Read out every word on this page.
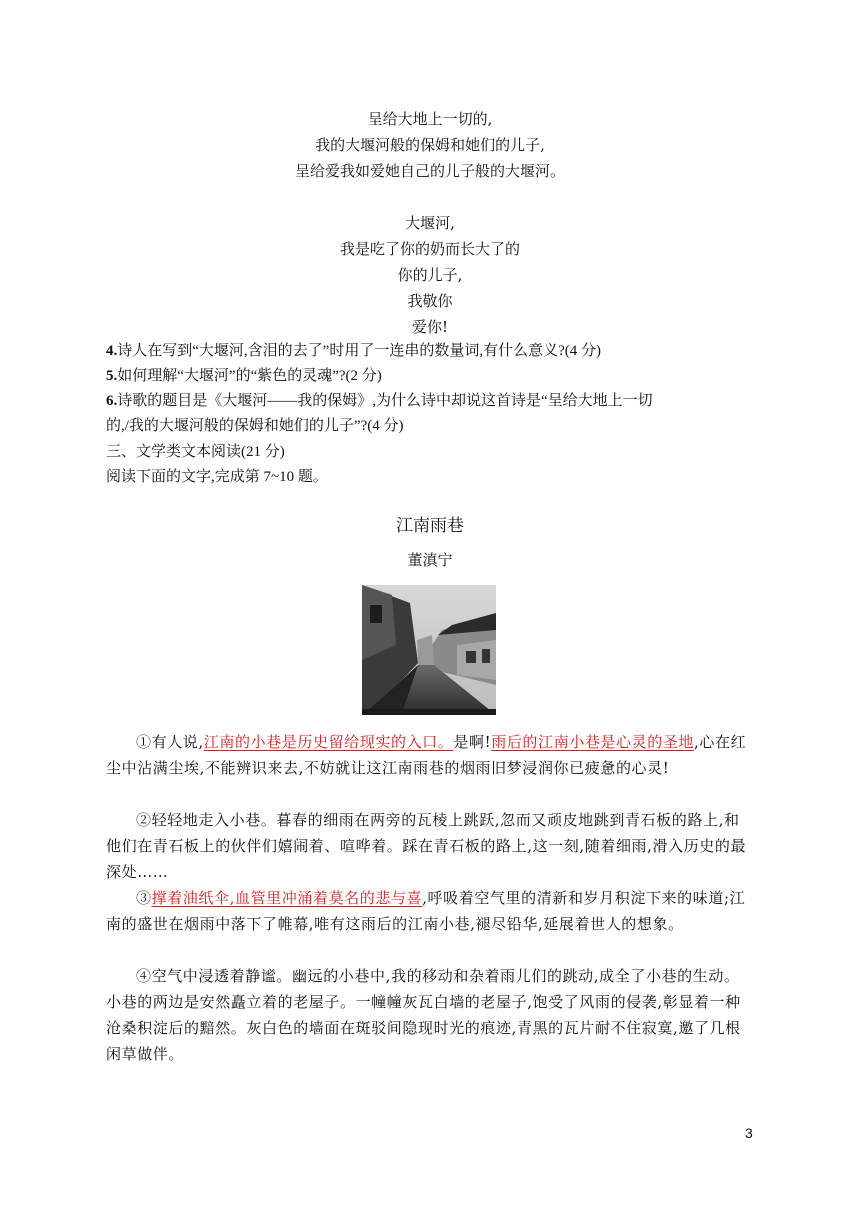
呈给大地上一切的,
我的大堰河般的保姆和她们的儿子,
呈给爱我如爱她自己的儿子般的大堰河。
大堰河,
我是吃了你的奶而长大了的
你的儿子,
我敬你
爱你!
4.诗人在写到“大堰河,含泪的去了”时用了一连串的数量词,有什么意义?(4 分)
5.如何理解“大堰河”的“紫色的灵魂”?(2 分)
6.诗歌的题目是《大堰河——我的保姆》,为什么诗中却说这首诗是“呈给大地上一切
的,/我的大堰河般的保姆和她们的儿子”?(4 分)
三、文学类文本阅读(21 分)
阅读下面的文字,完成第 7~10 题。
江南雨巷
董滇宁
①有人说,江南的小巷是历史留给现实的入口。是啊!雨后的江南小巷是心灵的圣地,心在红尘中沾满尘埃,不能辨识来去,不妨就让这江南雨巷的烟雨旧梦浸润你已疲惫的心灵!
②轻轻地走入小巷。暮春的细雨在两旁的瓦棱上跳跃,忽而又顽皮地跳到青石板的路上,和他们在青石板上的伙伴们嬉闹着、喧哗着。踩在青石板的路上,这一刻,随着细雨,滑入历史的最深处……
③撑着油纸伞,血管里冲涌着莫名的悲与喜,呼吸着空气里的清新和岁月积淀下来的味道;江南的盛世在烟雨中落下了帷幕,唯有这雨后的江南小巷,褪尽铅华,延展着世人的想象。
④空气中浸透着静谧。幽远的小巷中,我的移动和杂着雨儿们的跳动,成全了小巷的生动。小巷的两边是安然矗立着的老屋子。一幢幢灰瓦白墙的老屋子,饱受了风雨的侵袭,彰显着一种沧桑积淀后的黯然。灰白色的墙面在斑驳间隐现时光的痕迹,青黑的瓦片耐不住寂寞,邀了几根闲草做伴。
3
